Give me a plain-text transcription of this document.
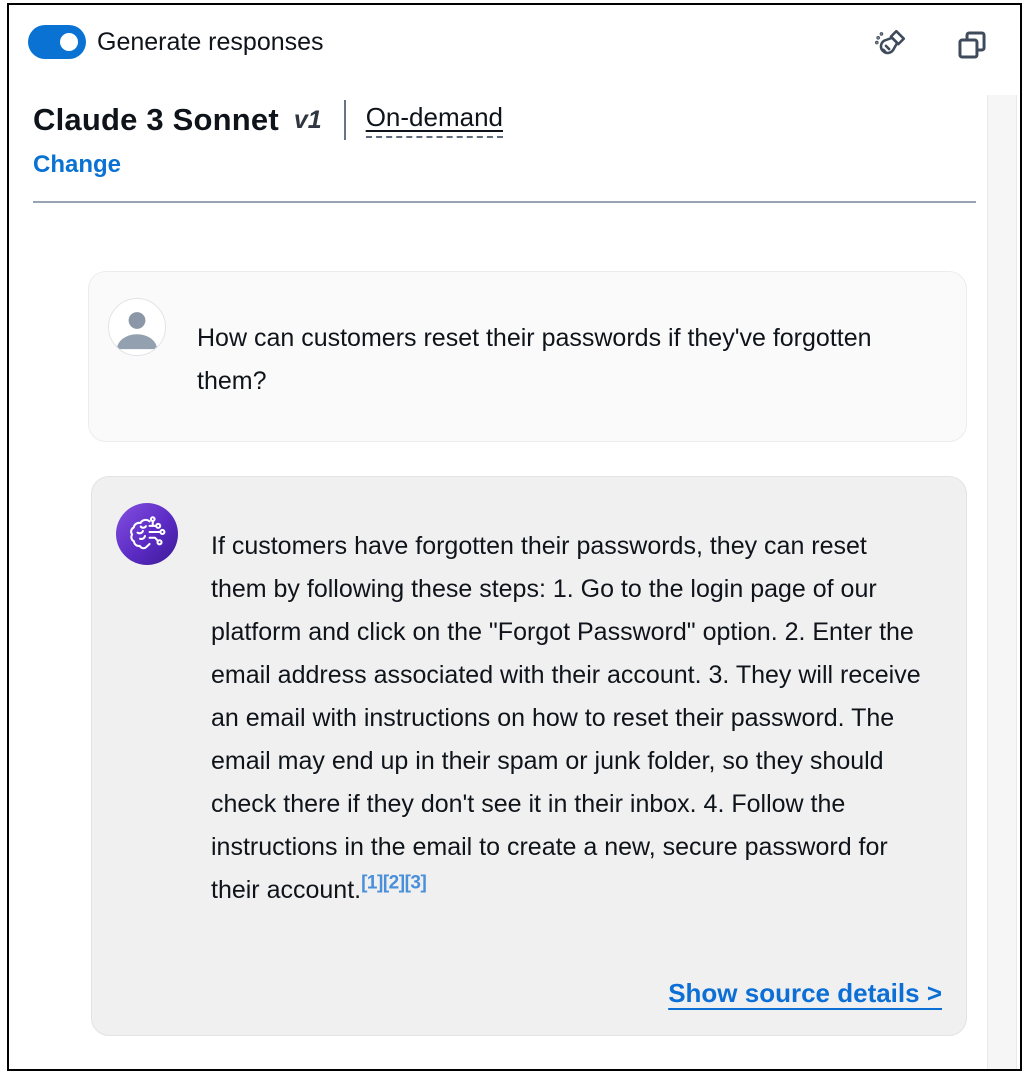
Generate responses
Claude 3 Sonnet v1 On-demand
Change
How can customers reset their passwords if they've forgotten them?
If customers have forgotten their passwords, they can reset them by following these steps: 1. Go to the login page of our platform and click on the "Forgot Password" option. 2. Enter the email address associated with their account. 3. They will receive an email with instructions on how to reset their password. The email may end up in their spam or junk folder, so they should check there if they don't see it in their inbox. 4. Follow the instructions in the email to create a new, secure password for their account.[1][2][3]
Show source details >
